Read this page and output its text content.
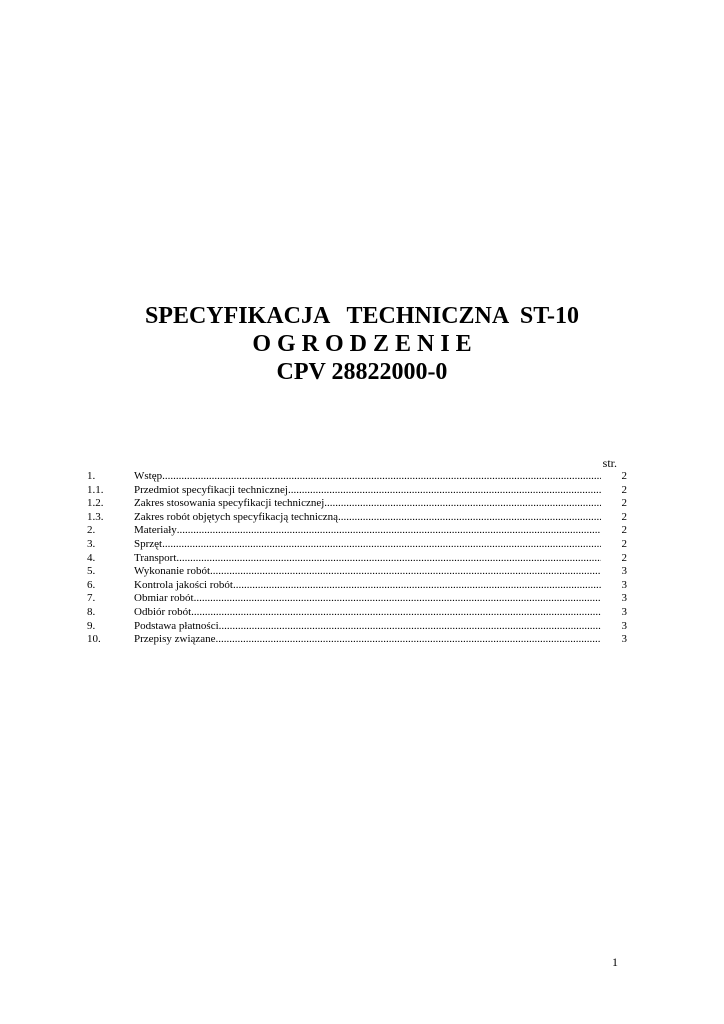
SPECYFIKACJA   TECHNICZNA  ST-10
O G R O D Z E N I E
CPV 28822000-0
str.
1.	Wstęp .....	2
1.1.	Przedmiot specyfikacji technicznej .....	2
1.2.	Zakres stosowania specyfikacji technicznej .....	2
1.3.	Zakres robót objętych specyfikacją techniczną .....	2
2.	Materiały .....	2
3.	Sprzęt .....	2
4.	Transport .....	2
5.	Wykonanie robót .....	3
6.	Kontrola jakości robót .....	3
7.	Obmiar robót .....	3
8.	Odbiór robót .....	3
9.	Podstawa płatności .....	3
10.	Przepisy związane .....	3
1
